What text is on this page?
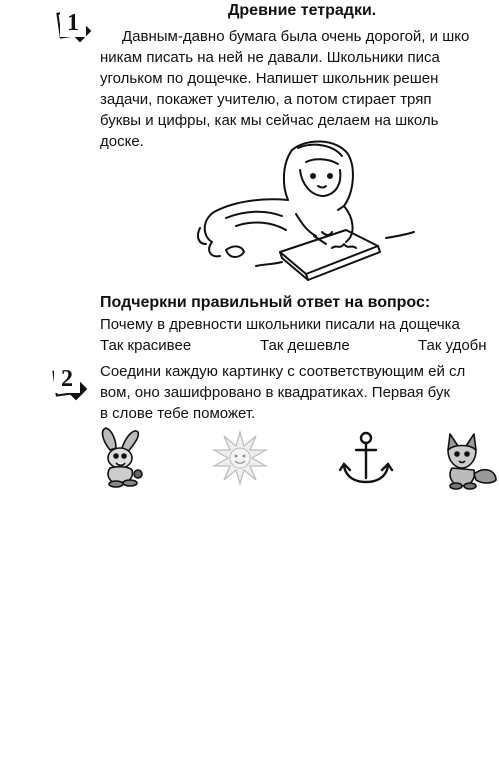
1	Древние тетрадки.
Давным-давно бумага была очень дорогой, и шко
никам писать на ней не давали. Школьники писа
угольком по дощечке. Напишет школьник решен
задачи, покажет учителю, а потом стирает тряп
буквы и цифры, как мы сейчас делаем на школь
доске.
Подчеркни правильный ответ на вопрос:
Почему в древности школьники писали на дощечка
Так красивее	Так дешевле	Так удобн
2	Соедини каждую картинку с соответствующим ей сл
вом, оно зашифровано в квадратиках. Первая бук
в слове тебе поможет.
